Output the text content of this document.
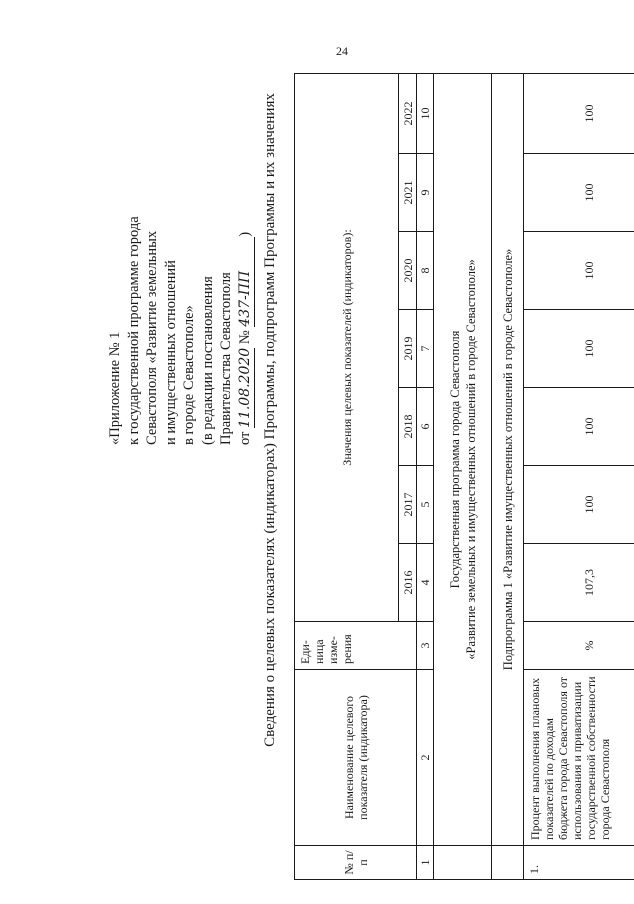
24
«Приложение № 1 к государственной программе города Севастополя «Развитие земельных и имущественных отношений в городе Севастополе» (в редакции постановления Правительства Севастополя от 11.08.2020 № 437-ПП) Сведения о целевых показателях (индикаторах) Программы, подпрограмм Программы и их значениях
№ п/п	Наименование целевого показателя (индикатора)	Еди-ница изме-рения	Значения целевых показателей (индикаторов):						
			2016	2017	2018	2019	2020	2021	2022
1	2	3	4	5	6	7	8	9	10

	Государственная программа города Севастополя «Развитие земельных и имущественных отношений в городе Севастополе»								

	Подпрограмма 1 «Развитие имущественных отношений в городе Севастополе»								
1.	Процент выполнения плановых показателей по доходам бюджета города Севастополя от использования и приватизации государственной собственности города Севастополя	%	107,3	100	100	100	100	100	100
